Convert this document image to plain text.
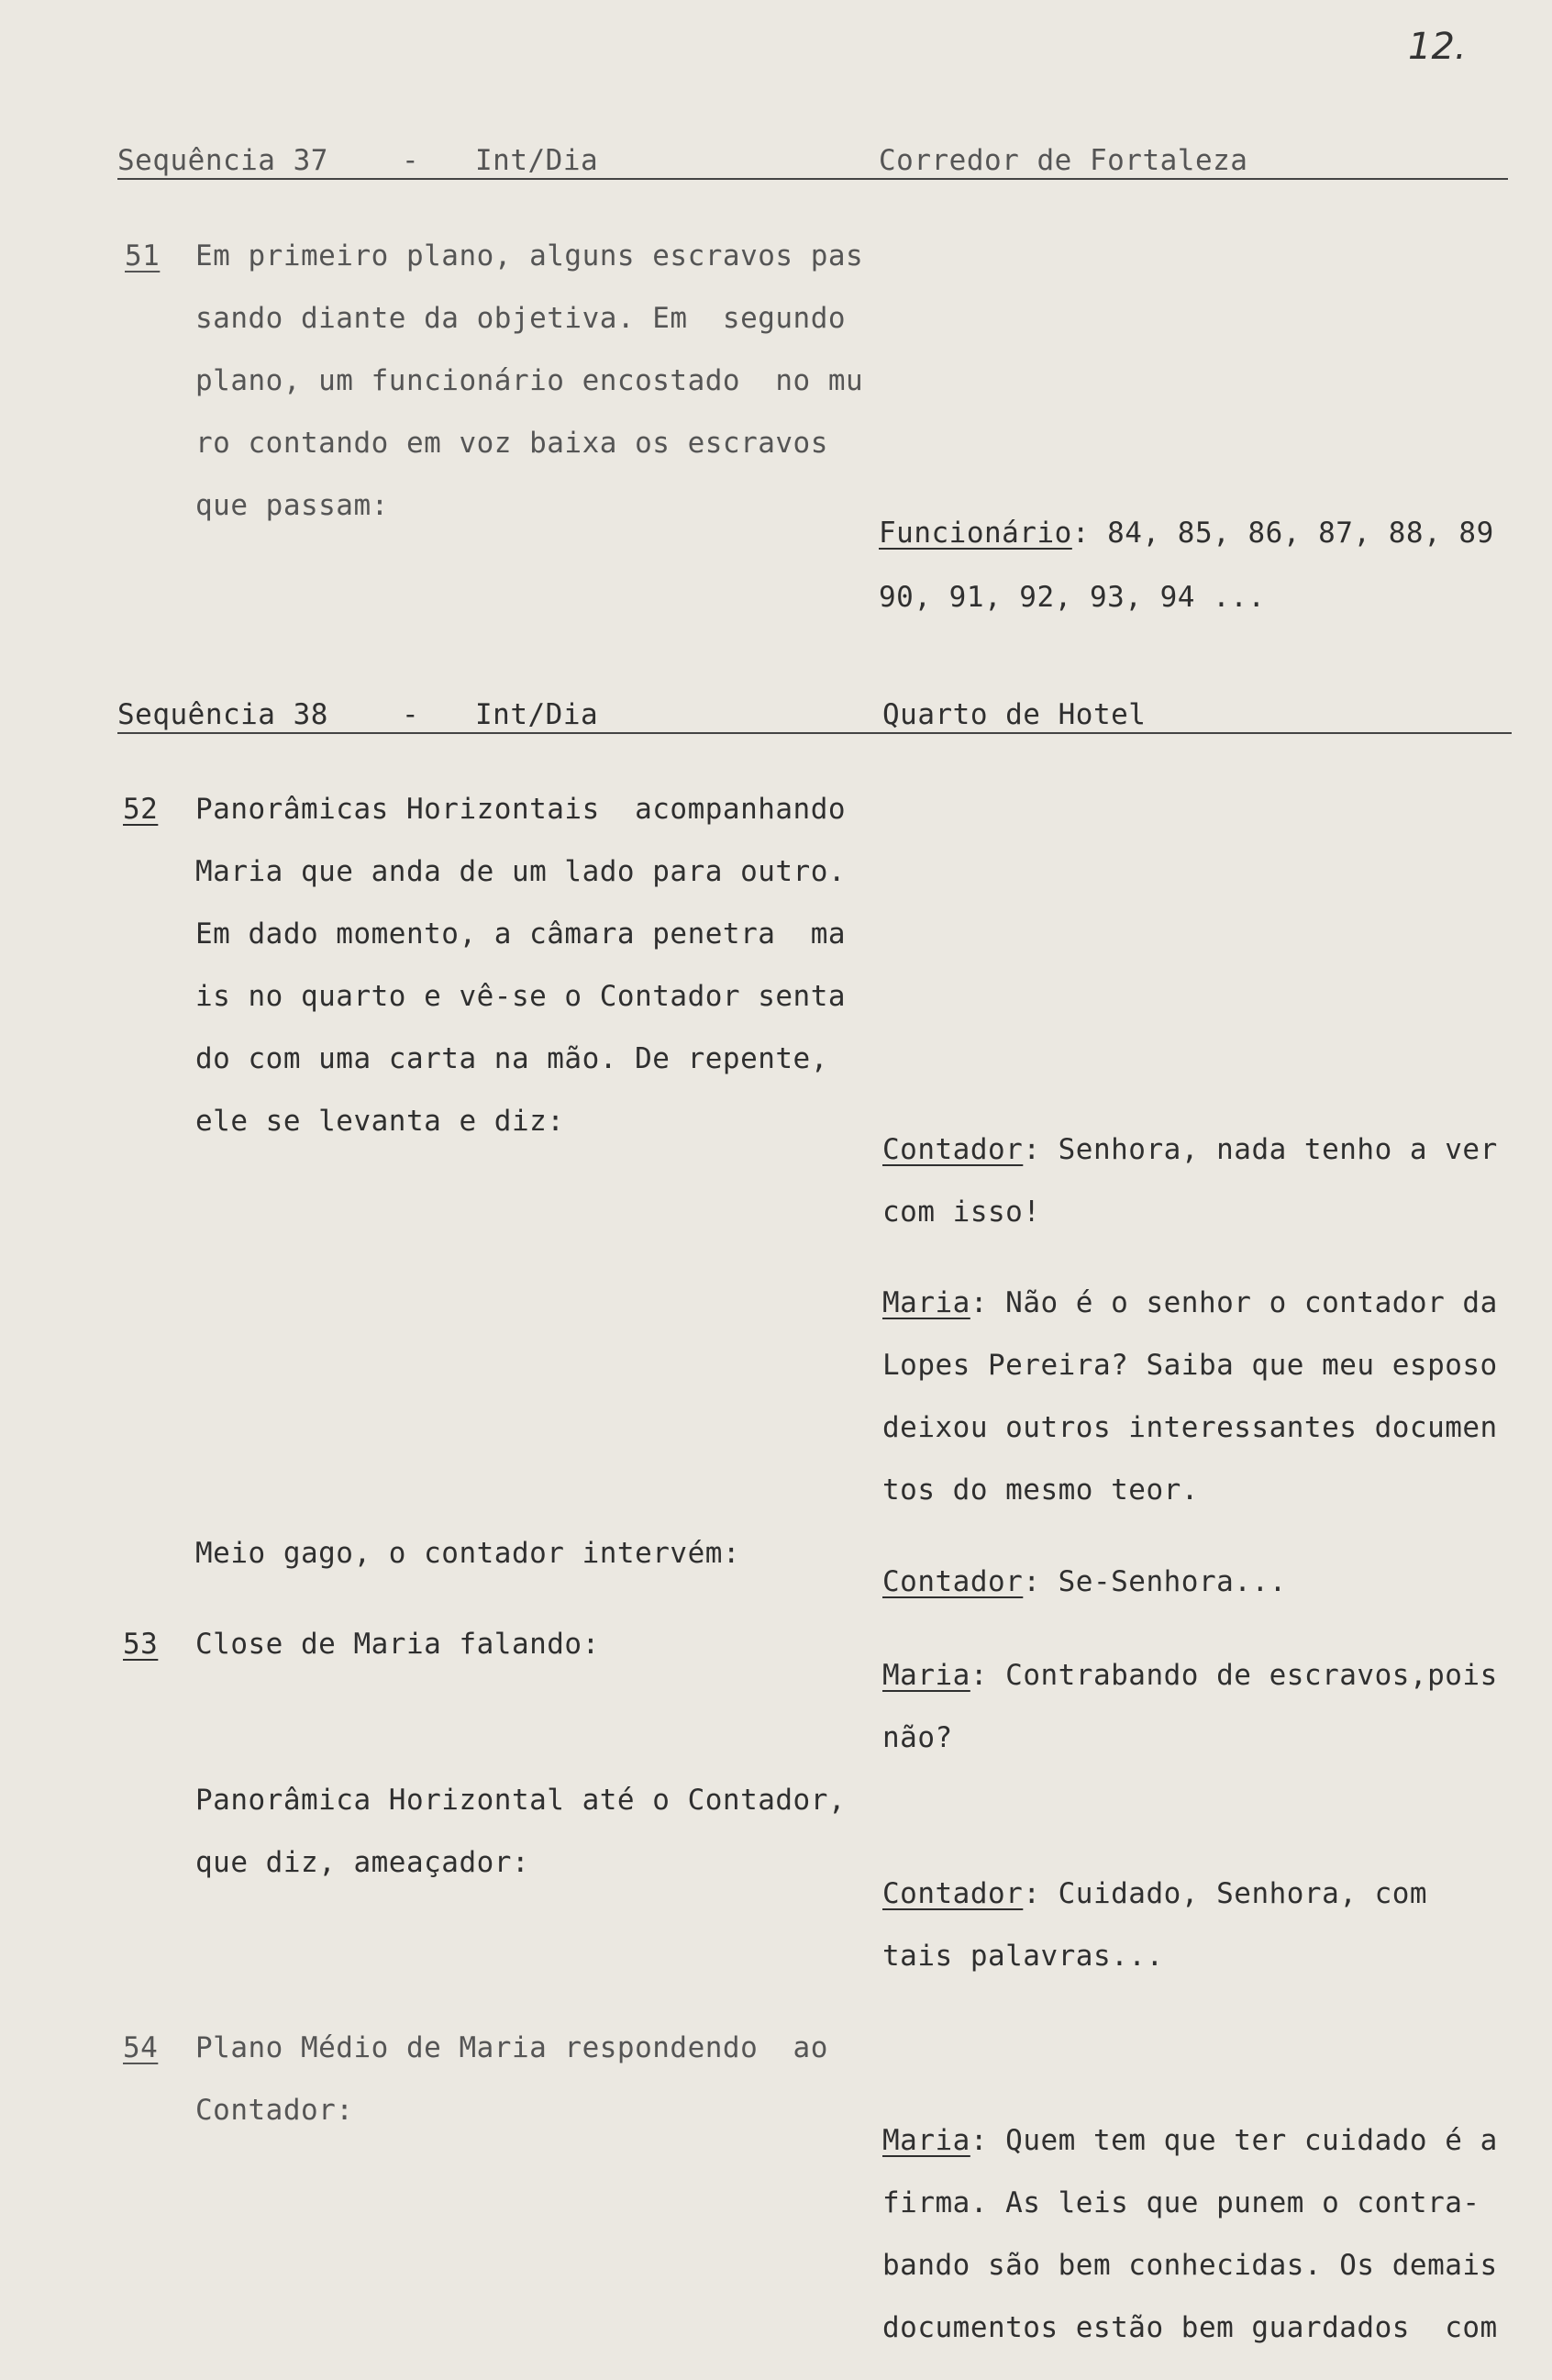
12.
Sequência 37	- Int/Dia	Corredor de Fortaleza
51 Em primeiro plano, alguns escravos pas
sando diante da objetiva. Em  segundo
plano, um funcionário encostado  no mu
ro contando em voz baixa os escravos
que passam:
Funcionário: 84, 85, 86, 87, 88, 89
90, 91, 92, 93, 94 ...
Sequência 38	- Int/Dia	Quarto de Hotel
52 Panorâmicas Horizontais  acompanhando
Maria que anda de um lado para outro.
Em dado momento, a câmara penetra  ma
is no quarto e vê-se o Contador senta
do com uma carta na mão. De repente,
ele se levanta e diz:
Contador: Senhora, nada tenho a ver
com isso!
Maria: Não é o senhor o contador da
Lopes Pereira? Saiba que meu esposo
deixou outros interessantes documen
tos do mesmo teor.
Meio gago, o contador intervém:
Contador: Se-Senhora...
53 Close de Maria falando:
Maria: Contrabando de escravos,pois
não?
Panorâmica Horizontal até o Contador,
que diz, ameaçador:
Contador: Cuidado, Senhora, com
tais palavras...
54 Plano Médio de Maria respondendo  ao
Contador:
Maria: Quem tem que ter cuidado é a
firma. As leis que punem o contra-
bando são bem conhecidas. Os demais
documentos estão bem guardados  com
